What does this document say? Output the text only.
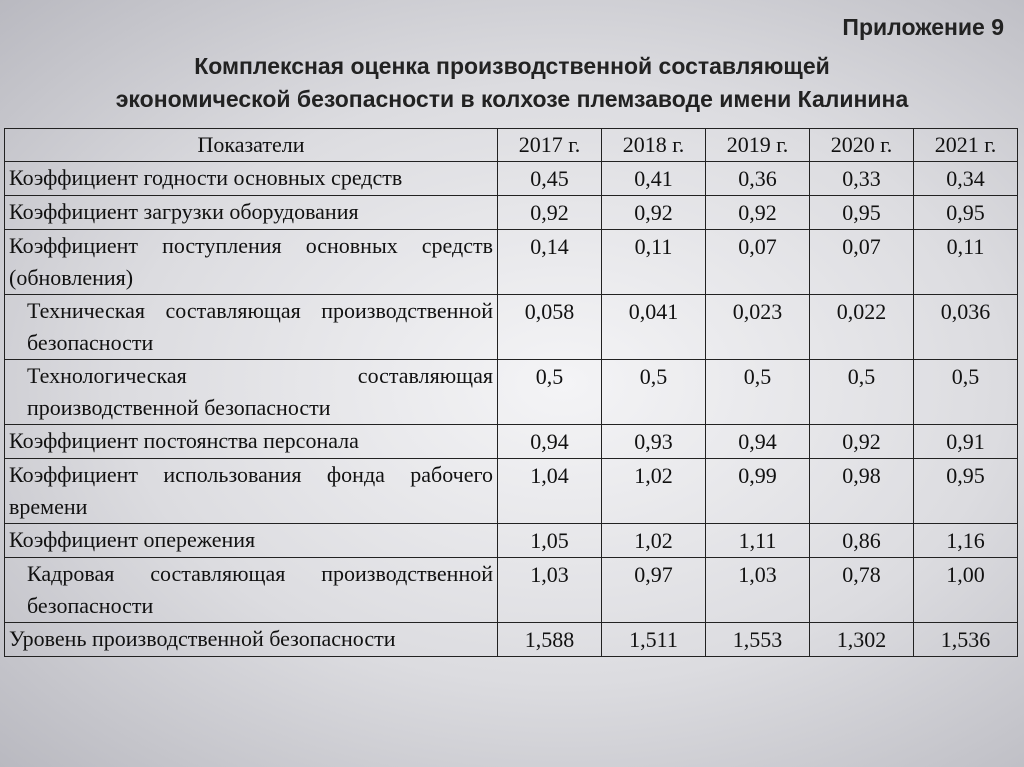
Приложение 9
Комплексная оценка производственной составляющей
экономической безопасности в колхозе племзаводе имени Калинина
Показатели	2017 г.	2018 г.	2019 г.	2020 г.	2021 г.
Коэффициент годности основных средств	0,45	0,41	0,36	0,33	0,34
Коэффициент загрузки оборудования	0,92	0,92	0,92	0,95	0,95
Коэффициент поступления основных средств (обновления)	0,14	0,11	0,07	0,07	0,11
Техническая составляющая производственной безопасности	0,058	0,041	0,023	0,022	0,036
Технологическая составляющая производственной безопасности	0,5	0,5	0,5	0,5	0,5
Коэффициент постоянства персонала	0,94	0,93	0,94	0,92	0,91
Коэффициент использования фонда рабочего времени	1,04	1,02	0,99	0,98	0,95
Коэффициент опережения	1,05	1,02	1,11	0,86	1,16
Кадровая составляющая производственной безопасности	1,03	0,97	1,03	0,78	1,00
Уровень производственной безопасности	1,588	1,511	1,553	1,302	1,536
